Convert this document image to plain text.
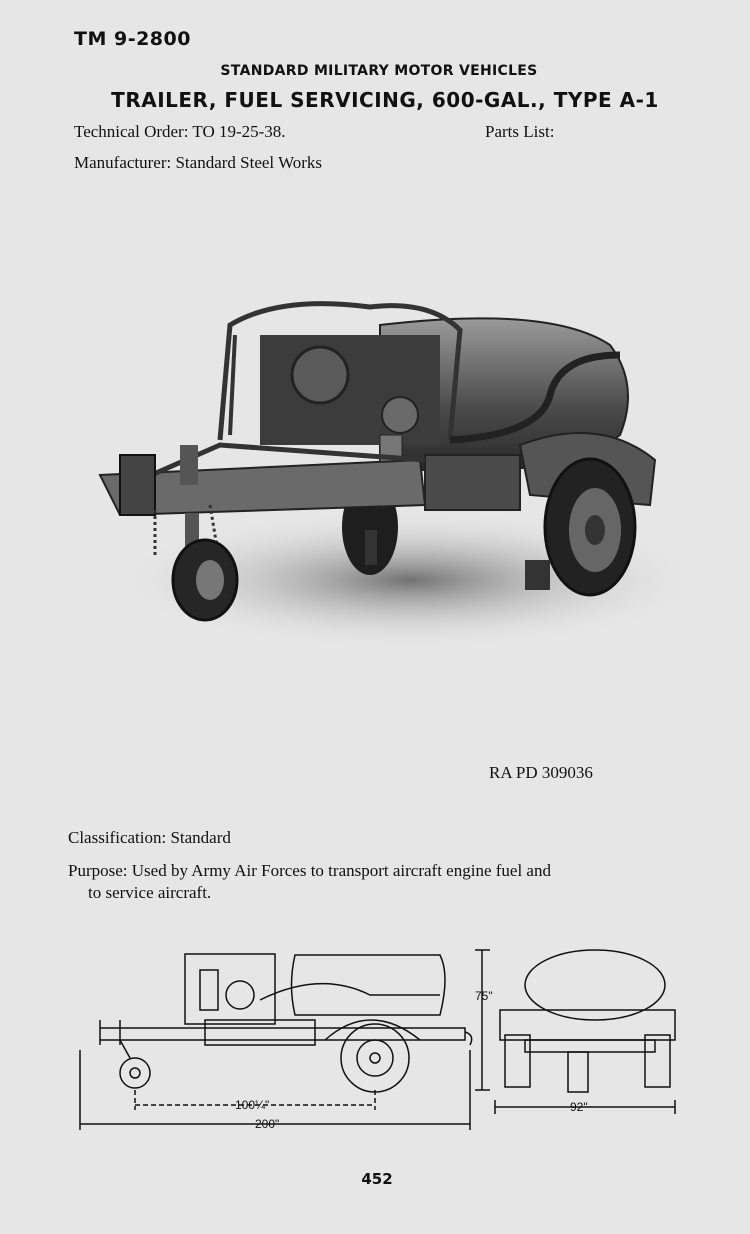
TM 9-2800
STANDARD MILITARY MOTOR VEHICLES
TRAILER, FUEL SERVICING, 600-GAL., TYPE A-1
Technical Order: TO 19-25-38.	Parts List:
Manufacturer: Standard Steel Works
RA PD 309036
Classification: Standard
Purpose: Used by Army Air Forces to transport aircraft engine fuel and
to service aircraft.
75"
92"
100¼"
200"
452
